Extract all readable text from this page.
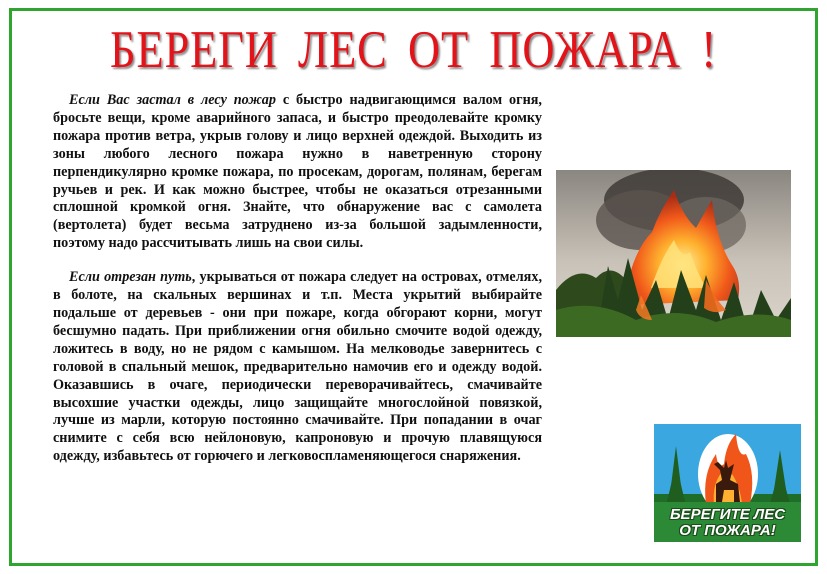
БЕРЕГИ ЛЕС ОТ ПОЖАРА !

Если Вас застал в лесу пожар с быстро надвигающимся валом огня, бросьте вещи, кроме аварийного запаса, и быстро преодолевайте кромку пожара против ветра, укрыв голову и лицо верхней одеждой. Выходить из зоны любого лесного пожара нужно в наветренную сторону перпендикулярно кромке пожара, по просекам, дорогам, полянам, берегам ручьев и рек. И как можно быстрее, чтобы не оказаться отрезанными сплошной кромкой огня. Знайте, что обнаружение вас с самолета (вертолета) будет весьма затруднено из-за большой задымленности, поэтому надо рассчитывать лишь на свои силы.

Если отрезан путь, укрываться от пожара следует на островах, отмелях, в болоте, на скальных вершинах и т.п. Места укрытий выбирайте подальше от деревьев - они при пожаре, когда обгорают корни, могут бесшумно падать. При приближении огня обильно смочите водой одежду, ложитесь в воду, но не рядом с камышом. На мелководье завернитесь с головой в спальный мешок, предварительно намочив его и одежду водой. Оказавшись в очаге, периодически переворачивайтесь, смачивайте высохшие участки одежды, лицо защищайте многослойной повязкой, лучше из марли, которую постоянно смачивайте. При попадании в очаг снимите с себя всю нейлоновую, капроновую и прочую плавящуюся одежду, избавьтесь от горючего и легковоспламеняющегося снаряжения.

БЕРЕГИТЕ ЛЕС
ОТ ПОЖАРА!
